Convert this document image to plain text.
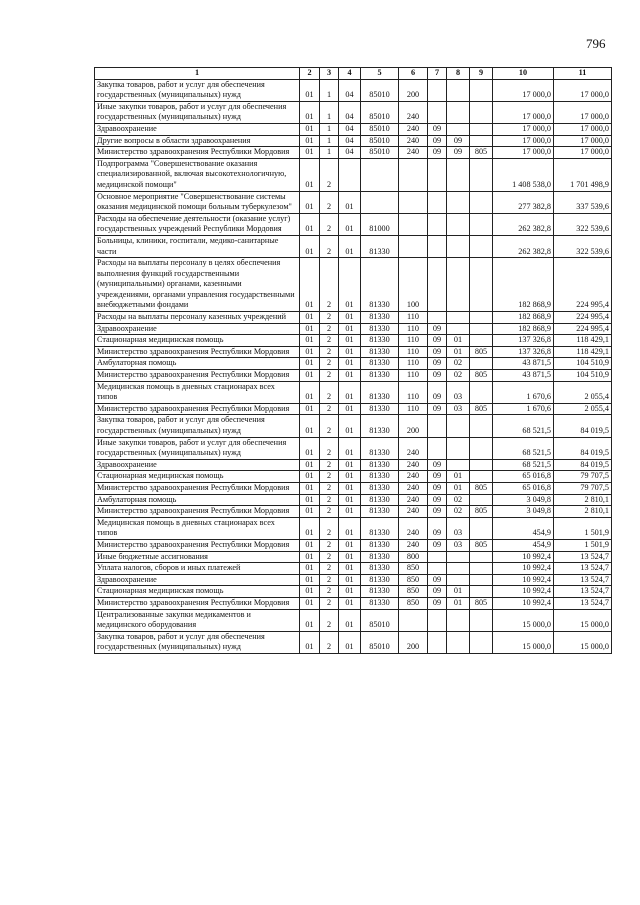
796
1	2	3	4	5	6	7	8	9	10	11
Закупка товаров, работ и услуг для обеспечения государственных (муниципальных) нужд	01	1	04	85010	200				17 000,0	17 000,0
Иные закупки товаров, работ и услуг для обеспечения государственных (муниципальных) нужд	01	1	04	85010	240				17 000,0	17 000,0
Здравоохранение	01	1	04	85010	240	09			17 000,0	17 000,0
Другие вопросы в области здравоохранения	01	1	04	85010	240	09	09		17 000,0	17 000,0
Министерство здравоохранения Республики Мордовия	01	1	04	85010	240	09	09	805	17 000,0	17 000,0
Подпрограмма "Совершенствование оказания специализированной, включая высокотехнологичную, медицинской помощи"	01	2							1 408 538,0	1 701 498,9
Основное мероприятие "Совершенствование системы оказания медицинской помощи больным туберкулезом"	01	2	01						277 382,8	337 539,6
Расходы на обеспечение деятельности (оказание услуг) государственных учреждений Республики Мордовия	01	2	01	81000					262 382,8	322 539,6
Больницы, клиники, госпитали, медико-санитарные части	01	2	01	81330					262 382,8	322 539,6
Расходы на выплаты персоналу в целях обеспечения выполнения функций государственными (муниципальными) органами, казенными учреждениями, органами управления государственными внебюджетными фондами	01	2	01	81330	100				182 868,9	224 995,4
Расходы на выплаты персоналу казенных учреждений	01	2	01	81330	110				182 868,9	224 995,4
Здравоохранение	01	2	01	81330	110	09			182 868,9	224 995,4
Стационарная медицинская помощь	01	2	01	81330	110	09	01		137 326,8	118 429,1
Министерство здравоохранения Республики Мордовия	01	2	01	81330	110	09	01	805	137 326,8	118 429,1
Амбулаторная помощь	01	2	01	81330	110	09	02		43 871,5	104 510,9
Министерство здравоохранения Республики Мордовия	01	2	01	81330	110	09	02	805	43 871,5	104 510,9
Медицинская помощь в дневных стационарах всех типов	01	2	01	81330	110	09	03		1 670,6	2 055,4
Министерство здравоохранения Республики Мордовия	01	2	01	81330	110	09	03	805	1 670,6	2 055,4
Закупка товаров, работ и услуг для обеспечения государственных (муниципальных) нужд	01	2	01	81330	200				68 521,5	84 019,5
Иные закупки товаров, работ и услуг для обеспечения государственных (муниципальных) нужд	01	2	01	81330	240				68 521,5	84 019,5
Здравоохранение	01	2	01	81330	240	09			68 521,5	84 019,5
Стационарная медицинская помощь	01	2	01	81330	240	09	01		65 016,8	79 707,5
Министерство здравоохранения Республики Мордовия	01	2	01	81330	240	09	01	805	65 016,8	79 707,5
Амбулаторная помощь	01	2	01	81330	240	09	02		3 049,8	2 810,1
Министерство здравоохранения Республики Мордовия	01	2	01	81330	240	09	02	805	3 049,8	2 810,1
Медицинская помощь в дневных стационарах всех типов	01	2	01	81330	240	09	03		454,9	1 501,9
Министерство здравоохранения Республики Мордовия	01	2	01	81330	240	09	03	805	454,9	1 501,9
Иные бюджетные ассигнования	01	2	01	81330	800				10 992,4	13 524,7
Уплата налогов, сборов и иных платежей	01	2	01	81330	850				10 992,4	13 524,7
Здравоохранение	01	2	01	81330	850	09			10 992,4	13 524,7
Стационарная медицинская помощь	01	2	01	81330	850	09	01		10 992,4	13 524,7
Министерство здравоохранения Республики Мордовия	01	2	01	81330	850	09	01	805	10 992,4	13 524,7
Централизованные закупки медикаментов и медицинского оборудования	01	2	01	85010					15 000,0	15 000,0
Закупка товаров, работ и услуг для обеспечения государственных (муниципальных) нужд	01	2	01	85010	200				15 000,0	15 000,0
